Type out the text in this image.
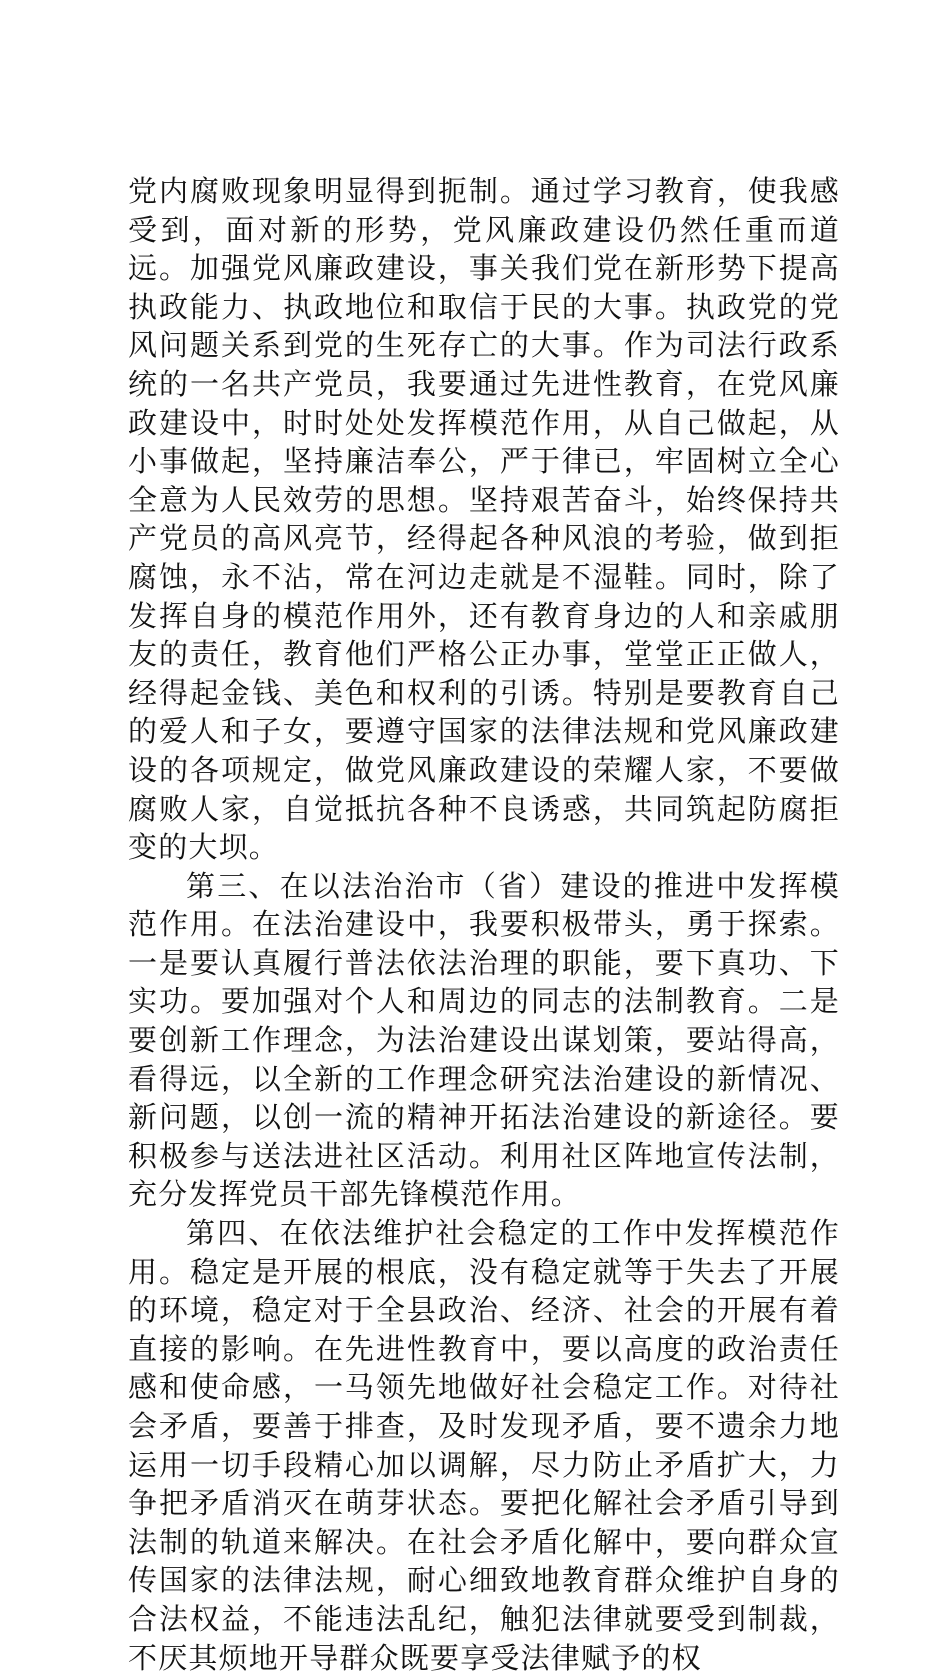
党内腐败现象明显得到扼制。通过学习教育，使我感受到，面对新的形势，党风廉政建设仍然任重而道远。加强党风廉政建设，事关我们党在新形势下提高执政能力、执政地位和取信于民的大事。执政党的党风问题关系到党的生死存亡的大事。作为司法行政系统的一名共产党员，我要通过先进性教育，在党风廉政建设中，时时处处发挥模范作用，从自己做起，从小事做起，坚持廉洁奉公，严于律已，牢固树立全心全意为人民效劳的思想。坚持艰苦奋斗，始终保持共产党员的高风亮节，经得起各种风浪的考验，做到拒腐蚀，永不沾，常在河边走就是不湿鞋。同时，除了发挥自身的模范作用外，还有教育身边的人和亲戚朋友的责任，教育他们严格公正办事，堂堂正正做人，经得起金钱、美色和权利的引诱。特别是要教育自己的爱人和子女，要遵守国家的法律法规和党风廉政建设的各项规定，做党风廉政建设的荣耀人家，不要做腐败人家，自觉抵抗各种不良诱惑，共同筑起防腐拒变的大坝。

第三、在以法治治市（省）建设的推进中发挥模范作用。在法治建设中，我要积极带头，勇于探索。一是要认真履行普法依法治理的职能，要下真功、下实功。要加强对个人和周边的同志的法制教育。二是要创新工作理念，为法治建设出谋划策，要站得高，看得远，以全新的工作理念研究法治建设的新情况、新问题，以创一流的精神开拓法治建设的新途径。要积极参与送法进社区活动。利用社区阵地宣传法制，充分发挥党员干部先锋模范作用。

第四、在依法维护社会稳定的工作中发挥模范作用。稳定是开展的根底，没有稳定就等于失去了开展的环境，稳定对于全县政治、经济、社会的开展有着直接的影响。在先进性教育中，要以高度的政治责任感和使命感，一马领先地做好社会稳定工作。对待社会矛盾，要善于排查，及时发现矛盾，要不遗余力地运用一切手段精心加以调解，尽力防止矛盾扩大，力争把矛盾消灭在萌芽状态。要把化解社会矛盾引导到法制的轨道来解决。在社会矛盾化解中，要向群众宣传国家的法律法规，耐心细致地教育群众维护自身的合法权益，不能违法乱纪，触犯法律就要受到制裁，不厌其烦地开导群众既要享受法律赋予的权
